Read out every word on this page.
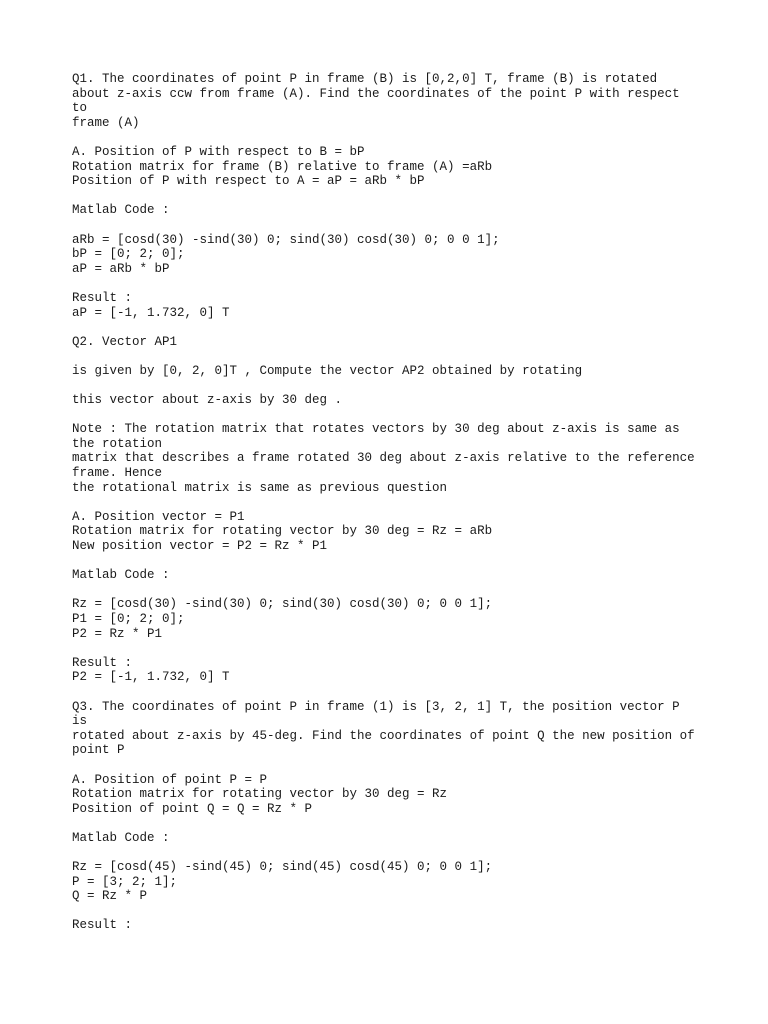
Q1. The coordinates of point P in frame (B) is [0,2,0] T, frame (B) is rotated
about z-axis ccw from frame (A). Find the coordinates of the point P with respect
to
frame (A)
A. Position of P with respect to B = bP
Rotation matrix for frame (B) relative to frame (A) =aRb
Position of P with respect to A = aP = aRb * bP
Matlab Code :
aRb = [cosd(30) -sind(30) 0; sind(30) cosd(30) 0; 0 0 1];
bP = [0; 2; 0];
aP = aRb * bP
Result :
aP = [-1, 1.732, 0] T
Q2. Vector AP1
is given by [0, 2, 0]T , Compute the vector AP2 obtained by rotating
this vector about z-axis by 30 deg .
Note : The rotation matrix that rotates vectors by 30 deg about z-axis is same as
the rotation
matrix that describes a frame rotated 30 deg about z-axis relative to the reference
frame. Hence
the rotational matrix is same as previous question
A. Position vector = P1
Rotation matrix for rotating vector by 30 deg = Rz = aRb
New position vector = P2 = Rz * P1
Matlab Code :
Rz = [cosd(30) -sind(30) 0; sind(30) cosd(30) 0; 0 0 1];
P1 = [0; 2; 0];
P2 = Rz * P1
Result :
P2 = [-1, 1.732, 0] T
Q3. The coordinates of point P in frame (1) is [3, 2, 1] T, the position vector P
is
rotated about z-axis by 45-deg. Find the coordinates of point Q the new position of
point P
A. Position of point P = P
Rotation matrix for rotating vector by 30 deg = Rz
Position of point Q = Q = Rz * P
Matlab Code :
Rz = [cosd(45) -sind(45) 0; sind(45) cosd(45) 0; 0 0 1];
P = [3; 2; 1];
Q = Rz * P
Result :
